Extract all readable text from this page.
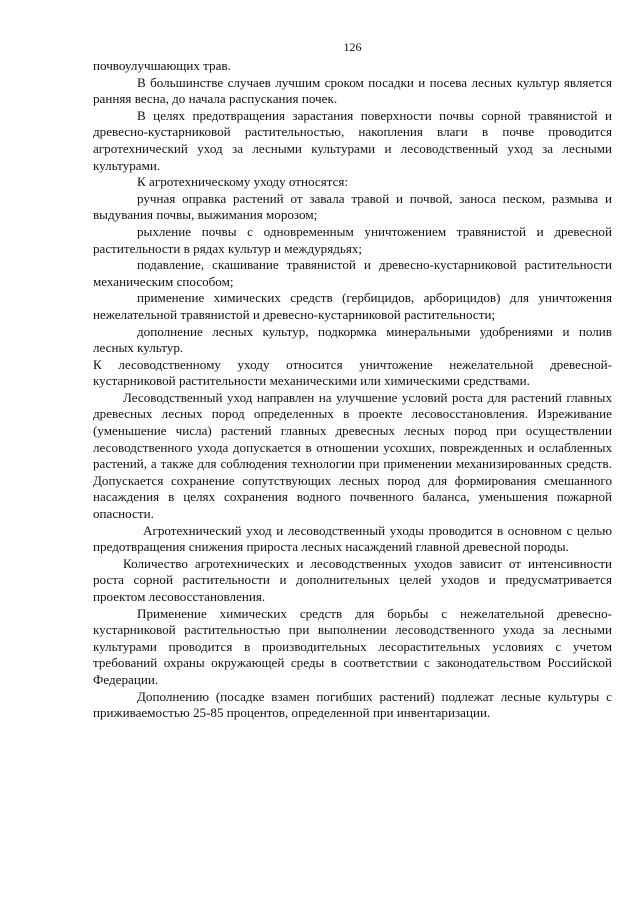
126

почвоулучшающих трав.

В большинстве случаев лучшим сроком посадки и посева лесных культур является ранняя весна, до начала распускания почек.

В целях предотвращения зарастания поверхности почвы сорной травянистой и древесно-кустарниковой растительностью, накопления влаги в почве проводится агротехнический уход за лесными культурами и лесоводственный уход за лесными культурами.

К агротехническому уходу относятся:

ручная оправка растений от завала травой и почвой, заноса песком, размыва и выдувания почвы, выжимания морозом;

рыхление почвы с одновременным уничтожением травянистой и древесной растительности в рядах культур и междурядьях;

подавление, скашивание травянистой и древесно-кустарниковой растительности механическим способом;

применение химических средств (гербицидов, арборицидов) для уничтожения нежелательной травянистой и древесно-кустарниковой растительности;

дополнение лесных культур, подкормка минеральными удобрениями и полив лесных культур.

К лесоводственному уходу относится уничтожение нежелательной древесной-кустарниковой растительности механическими или химическими средствами.

Лесоводственный уход направлен на улучшение условий роста для растений главных древесных лесных пород определенных в проекте лесовосстановления. Изреживание (уменьшение числа) растений главных древесных лесных пород при осуществлении лесоводственного ухода допускается в отношении усохших, поврежденных и ослабленных растений, а также для соблюдения технологии при применении механизированных средств. Допускается сохранение сопутствующих лесных пород для формирования смешанного насаждения в целях сохранения водного почвенного баланса, уменьшения пожарной опасности.

Агротехнический уход и лесоводственный уходы проводится в основном с целью предотвращения снижения прироста лесных насаждений главной древесной породы.

Количество агротехнических и лесоводственных уходов зависит от интенсивности роста сорной растительности и дополнительных целей уходов и предусматривается проектом лесовосстановления.

Применение химических средств для борьбы с нежелательной древесно-кустарниковой растительностью при выполнении лесоводственного ухода за лесными культурами проводится в производительных лесорастительных условиях с учетом требований охраны окружающей среды в соответствии с законодательством Российской Федерации.

Дополнению (посадке взамен погибших растений) подлежат лесные культуры с приживаемостью 25-85 процентов, определенной при инвентаризации.
